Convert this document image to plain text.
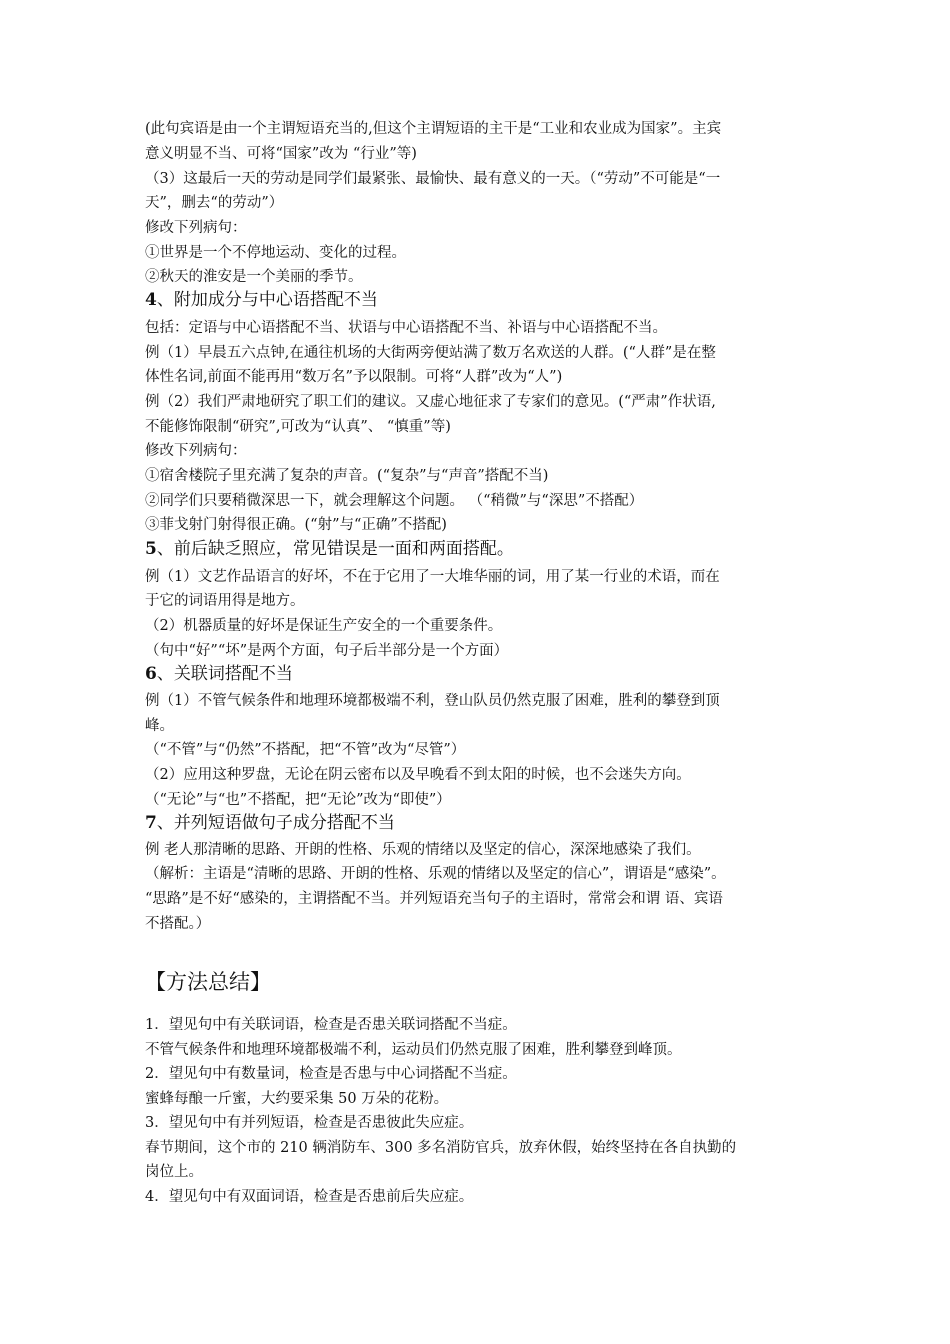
(此句宾语是由一个主谓短语充当的,但这个主谓短语的主干是“工业和农业成为国家”。主宾
意义明显不当、可将“国家”改为 “行业”等)
（3）这最后一天的劳动是同学们最紧张、最愉快、最有意义的一天。（“劳动”不可能是“一
天”，删去“的劳动”）
修改下列病句：
①世界是一个不停地运动、变化的过程。
②秋天的淮安是一个美丽的季节。
4、附加成分与中心语搭配不当
包括：定语与中心语搭配不当、状语与中心语搭配不当、补语与中心语搭配不当。
例（1）早晨五六点钟,在通往机场的大街两旁便站满了数万名欢送的人群。(“人群”是在整
体性名词,前面不能再用“数万名”予以限制。可将“人群”改为“人”)
例（2）我们严肃地研究了职工们的建议。又虚心地征求了专家们的意见。(“严肃”作状语,
不能修饰限制“研究”,可改为“认真”、 “慎重”等)
修改下列病句：
①宿舍楼院子里充满了复杂的声音。(“复杂”与“声音”搭配不当)
②同学们只要稍微深思一下，就会理解这个问题。 （“稍微”与“深思”不搭配）
③菲戈射门射得很正确。(“射”与“正确”不搭配)
5、前后缺乏照应，常见错误是一面和两面搭配。
例（1）文艺作品语言的好坏，不在于它用了一大堆华丽的词，用了某一行业的术语，而在
于它的词语用得是地方。
（2）机器质量的好坏是保证生产安全的一个重要条件。
（句中“好”“坏”是两个方面，句子后半部分是一个方面）
6、关联词搭配不当
例（1）不管气候条件和地理环境都极端不利，登山队员仍然克服了困难，胜利的攀登到顶
峰。
（“不管”与“仍然”不搭配，把“不管”改为“尽管”）
（2）应用这种罗盘，无论在阴云密布以及早晚看不到太阳的时候，也不会迷失方向。
（“无论”与“也”不搭配，把“无论”改为“即使”）
7、并列短语做句子成分搭配不当
例 老人那清晰的思路、开朗的性格、乐观的情绪以及坚定的信心，深深地感染了我们。
（解析：主语是“清晰的思路、开朗的性格、乐观的情绪以及坚定的信心”，谓语是“感染”。
“思路”是不好“感染的，主谓搭配不当。并列短语充当句子的主语时，常常会和谓 语、宾语
不搭配。）
【方法总结】
1．望见句中有关联词语，检查是否患关联词搭配不当症。
不管气候条件和地理环境都极端不利，运动员们仍然克服了困难，胜利攀登到峰顶。
2．望见句中有数量词，检查是否患与中心词搭配不当症。
蜜蜂每酿一斤蜜，大约要采集 50 万朵的花粉。
3．望见句中有并列短语，检查是否患彼此失应症。
春节期间，这个市的 210 辆消防车、300 多名消防官兵，放弃休假，始终坚持在各自执勤的
岗位上。
4．望见句中有双面词语，检查是否患前后失应症。
